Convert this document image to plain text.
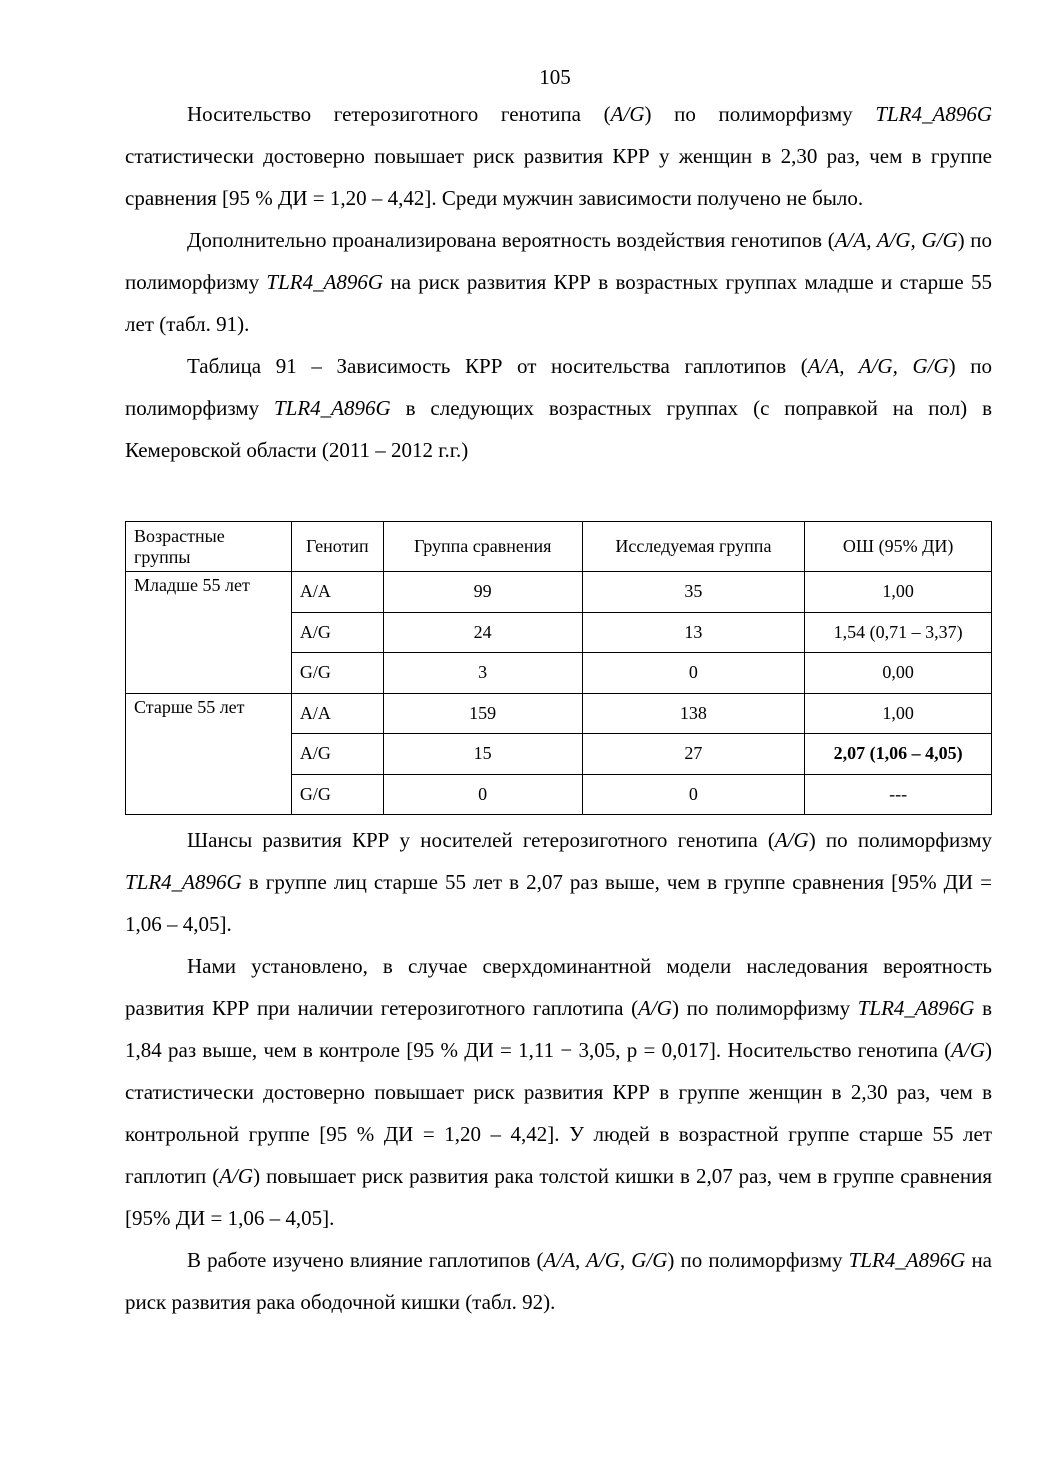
105

Носительство гетерозиготного генотипа (A/G) по полиморфизму TLR4_A896G статистически достоверно повышает риск развития КРР у женщин в 2,30 раз, чем в группе сравнения [95 % ДИ = 1,20 – 4,42]. Среди мужчин зависимости получено не было.

Дополнительно проанализирована вероятность воздействия генотипов (A/A, A/G, G/G) по полиморфизму TLR4_A896G на риск развития КРР в возрастных группах младше и старше 55 лет (табл. 91).

Таблица 91 – Зависимость КРР от носительства гаплотипов (A/A, A/G, G/G) по полиморфизму TLR4_A896G в следующих возрастных группах (с поправкой на пол) в Кемеровской области (2011 – 2012 г.г.)

Возрастные группы	Генотип	Группа сравнения	Исследуемая группа	ОШ (95% ДИ)
Младше 55 лет	A/A	99	35	1,00
	A/G	24	13	1,54 (0,71 – 3,37)
	G/G	3	0	0,00
Старше 55 лет	A/A	159	138	1,00
	A/G	15	27	2,07 (1,06 – 4,05)
	G/G	0	0	---

Шансы развития КРР у носителей гетерозиготного генотипа (A/G) по полиморфизму TLR4_A896G в группе лиц старше 55 лет в 2,07 раз выше, чем в группе сравнения [95% ДИ = 1,06 – 4,05].

Нами установлено, в случае сверхдоминантной модели наследования вероятность развития КРР при наличии гетерозиготного гаплотипа (A/G) по полиморфизму TLR4_A896G в 1,84 раз выше, чем в контроле [95 % ДИ = 1,11 − 3,05, p = 0,017]. Носительство генотипа (A/G) статистически достоверно повышает риск развития КРР в группе женщин в 2,30 раз, чем в контрольной группе [95 % ДИ = 1,20 – 4,42]. У людей в возрастной группе старше 55 лет гаплотип (A/G) повышает риск развития рака толстой кишки в 2,07 раз, чем в группе сравнения [95% ДИ = 1,06 – 4,05].

В работе изучено влияние гаплотипов (A/A, A/G, G/G) по полиморфизму TLR4_A896G на риск развития рака ободочной кишки (табл. 92).
